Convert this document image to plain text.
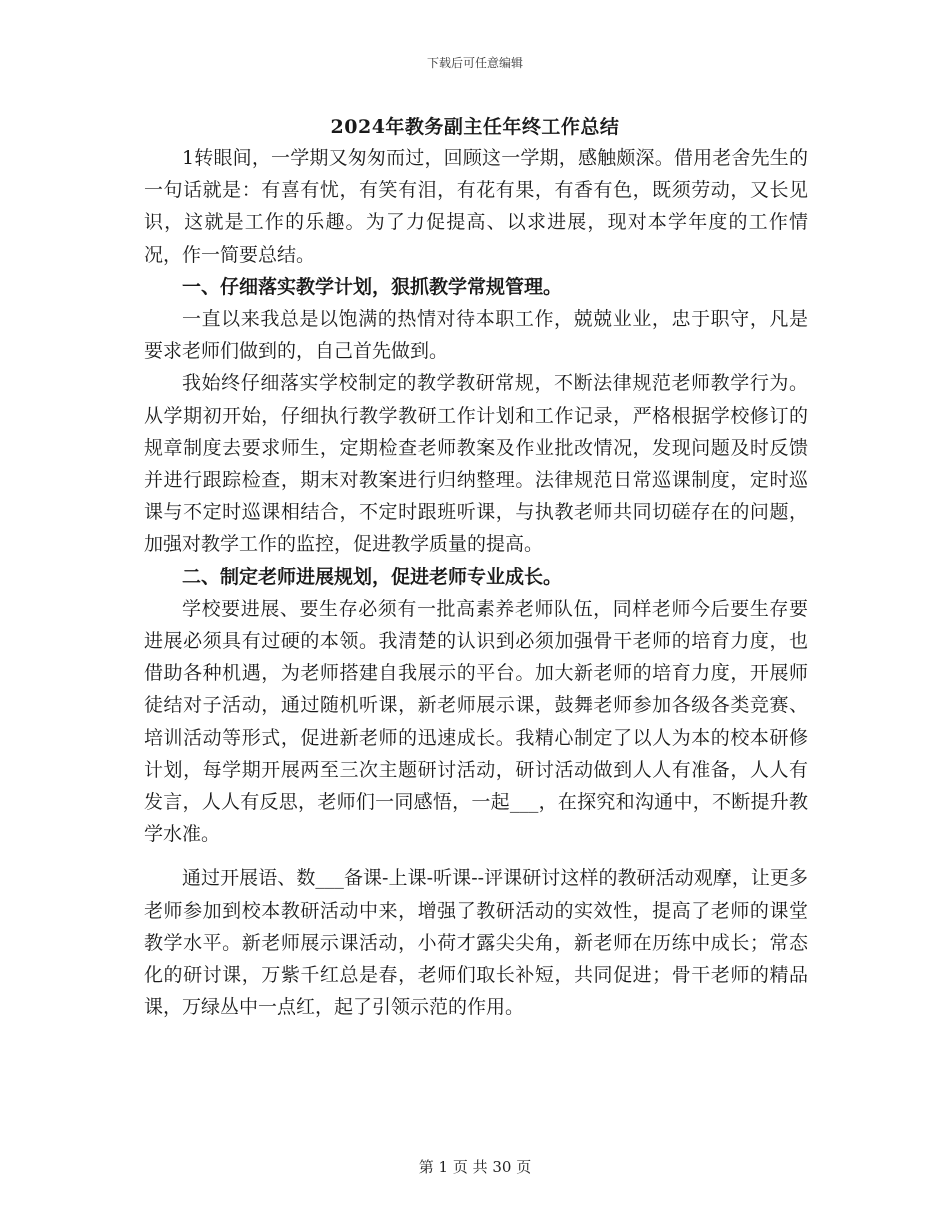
下载后可任意编辑
2024年教务副主任年终工作总结

1转眼间，一学期又匆匆而过，回顾这一学期，感触颇深。借用老舍先生的一句话就是：有喜有忧，有笑有泪，有花有果，有香有色，既须劳动，又长见识，这就是工作的乐趣。为了力促提高、以求进展，现对本学年度的工作情况，作一简要总结。

一、仔细落实教学计划，狠抓教学常规管理。

一直以来我总是以饱满的热情对待本职工作，兢兢业业，忠于职守，凡是要求老师们做到的，自己首先做到。

我始终仔细落实学校制定的教学教研常规，不断法律规范老师教学行为。从学期初开始，仔细执行教学教研工作计划和工作记录，严格根据学校修订的规章制度去要求师生，定期检查老师教案及作业批改情况，发现问题及时反馈并进行跟踪检查，期末对教案进行归纳整理。法律规范日常巡课制度，定时巡课与不定时巡课相结合，不定时跟班听课，与执教老师共同切磋存在的问题，加强对教学工作的监控，促进教学质量的提高。

二、制定老师进展规划，促进老师专业成长。

学校要进展、要生存必须有一批高素养老师队伍，同样老师今后要生存要进展必须具有过硬的本领。我清楚的认识到必须加强骨干老师的培育力度，也借助各种机遇，为老师搭建自我展示的平台。加大新老师的培育力度，开展师徒结对子活动，通过随机听课，新老师展示课，鼓舞老师参加各级各类竞赛、培训活动等形式，促进新老师的迅速成长。我精心制定了以人为本的校本研修计划，每学期开展两至三次主题研讨活动，研讨活动做到人人有准备，人人有发言，人人有反思，老师们一同感悟，一起___，在探究和沟通中，不断提升教学水准。

通过开展语、数___备课-上课-听课--评课研讨这样的教研活动观摩，让更多老师参加到校本教研活动中来，增强了教研活动的实效性，提高了老师的课堂教学水平。新老师展示课活动，小荷才露尖尖角，新老师在历练中成长；常态化的研讨课，万紫千红总是春，老师们取长补短，共同促进；骨干老师的精品课，万绿丛中一点红，起了引领示范的作用。

第 1 页 共 30 页
